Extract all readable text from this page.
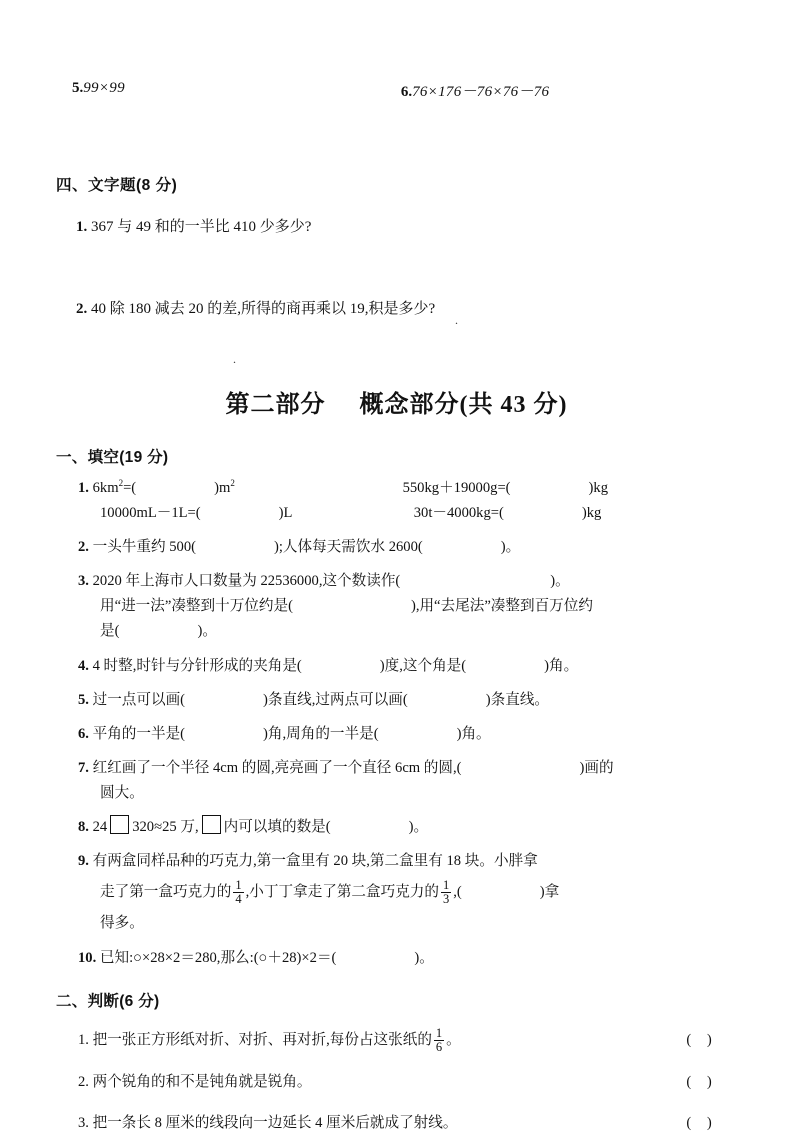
5.99×99	6.76×176－76×76－76
四、文字题(8 分)
1. 367 与 49 和的一半比 410 少多少?
2. 40 除 180 减去 20 的差,所得的商再乘以 19,积是多少?
.
.
第二部分 概念部分(共 43 分)
一、填空(19 分)
1. $6km^2=$(	)$m^2$	550kg＋19000g=(	)kg
10000mL－1L=(	)L	30t－4000kg=(	)kg
2. 一头牛重约 500(	);人体每天需饮水 2600(	)。
3. 2020 年上海市人口数量为 22536000,这个数读作(	)。
用“进一法”凑整到十万位约是(	),用“去尾法”凑整到百万位约
是(	)。
4. 4 时整,时针与分针形成的夹角是(	)度,这个角是(	)角。
5. 过一点可以画(	)条直线,过两点可以画(	)条直线。
6. 平角的一半是(	)角,周角的一半是(	)角。
7. 红红画了一个半径 4cm 的圆,亮亮画了一个直径 6cm 的圆,(	)画的
圆大。
8. 24 320≈25 万, 内可以填的数是(	)。
9. 有两盒同样品种的巧克力,第一盒里有 20 块,第二盒里有 18 块。小胖拿
走了第一盒巧克力的 $\frac{1}{4}$ ,小丁丁拿走了第二盒巧克力的 $\frac{1}{3}$ ,(	)拿
得多。
10. 已知:○×28×2＝280,那么:(○＋28)×2＝(	)。
二、判断(6 分)
1. 把一张正方形纸对折、对折、再对折,每份占这张纸的 $\frac{1}{6}$ 。	( )
2. 两个锐角的和不是钝角就是锐角。	( )
3. 把一条长 8 厘米的线段向一边延长 4 厘米后就成了射线。	( )
